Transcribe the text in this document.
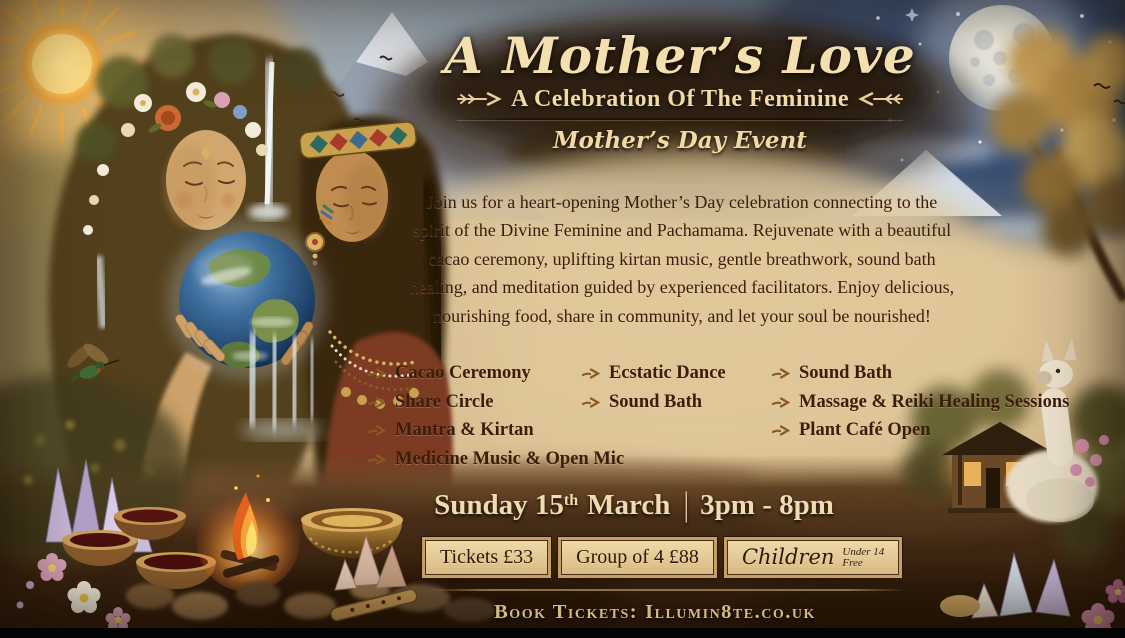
A Mother’s Love
A Celebration Of The Feminine
Mother’s Day Event

Join us for a heart-opening Mother’s Day celebration connecting to the spirit of the Divine Feminine and Pachamama. Rejuvenate with a beautiful cacao ceremony, uplifting kirtan music, gentle breathwork, sound bath healing, and meditation guided by experienced facilitators. Enjoy delicious, nourishing food, share in community, and let your soul be nourished!

Cacao Ceremony
Share Circle
Mantra & Kirtan
Medicine Music & Open Mic
Ecstatic Dance
Sound Bath
Sound Bath
Massage & Reiki Healing Sessions
Plant Café Open
Sunday 15th March | 3pm - 8pm
Tickets £33 Group of 4 £88 Children Under 14
Free
Book Tickets: Illumin8te.co.uk
